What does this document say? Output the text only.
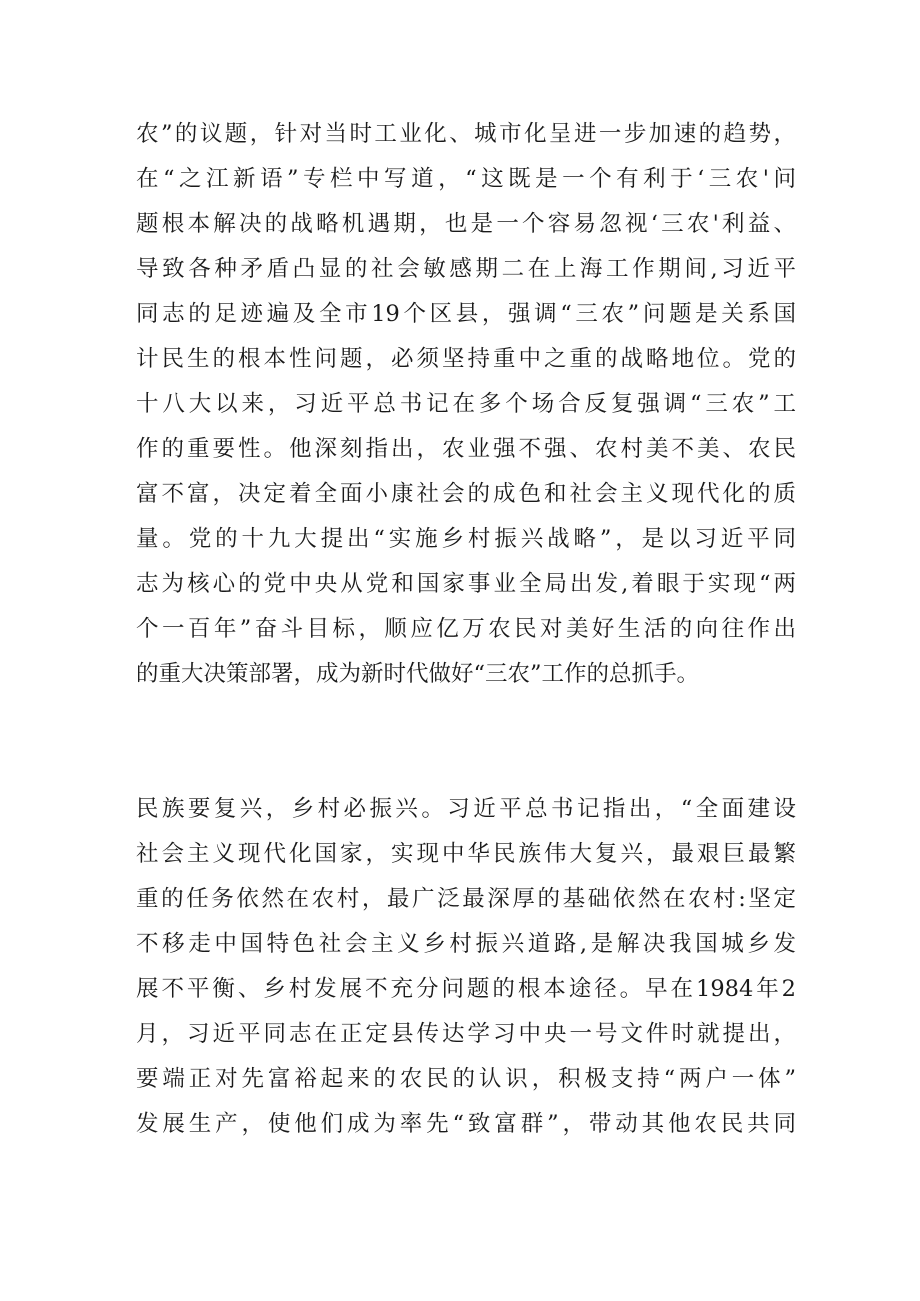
农”的议题，针对当时工业化、城市化呈进一步加速的趋势，
在“之江新语”专栏中写道，“这既是一个有利于‘三农'问
题根本解决的战略机遇期，也是一个容易忽视‘三农'利益、
导致各种矛盾凸显的社会敏感期二在上海工作期间,习近平
同志的足迹遍及全市19个区县，强调“三农”问题是关系国
计民生的根本性问题，必须坚持重中之重的战略地位。党的
十八大以来，习近平总书记在多个场合反复强调“三农”工
作的重要性。他深刻指出，农业强不强、农村美不美、农民
富不富，决定着全面小康社会的成色和社会主义现代化的质
量。党的十九大提出“实施乡村振兴战略”，是以习近平同
志为核心的党中央从党和国家事业全局出发,着眼于实现“两
个一百年”奋斗目标，顺应亿万农民对美好生活的向往作出
的重大决策部署，成为新时代做好“三农”工作的总抓手。

民族要复兴，乡村必振兴。习近平总书记指出，“全面建设
社会主义现代化国家，实现中华民族伟大复兴，最艰巨最繁
重的任务依然在农村，最广泛最深厚的基础依然在农村:坚定
不移走中国特色社会主义乡村振兴道路,是解决我国城乡发
展不平衡、乡村发展不充分问题的根本途径。早在1984年2
月，习近平同志在正定县传达学习中央一号文件时就提出，
要端正对先富裕起来的农民的认识，积极支持“两户一体”
发展生产，使他们成为率先“致富群”，带动其他农民共同
